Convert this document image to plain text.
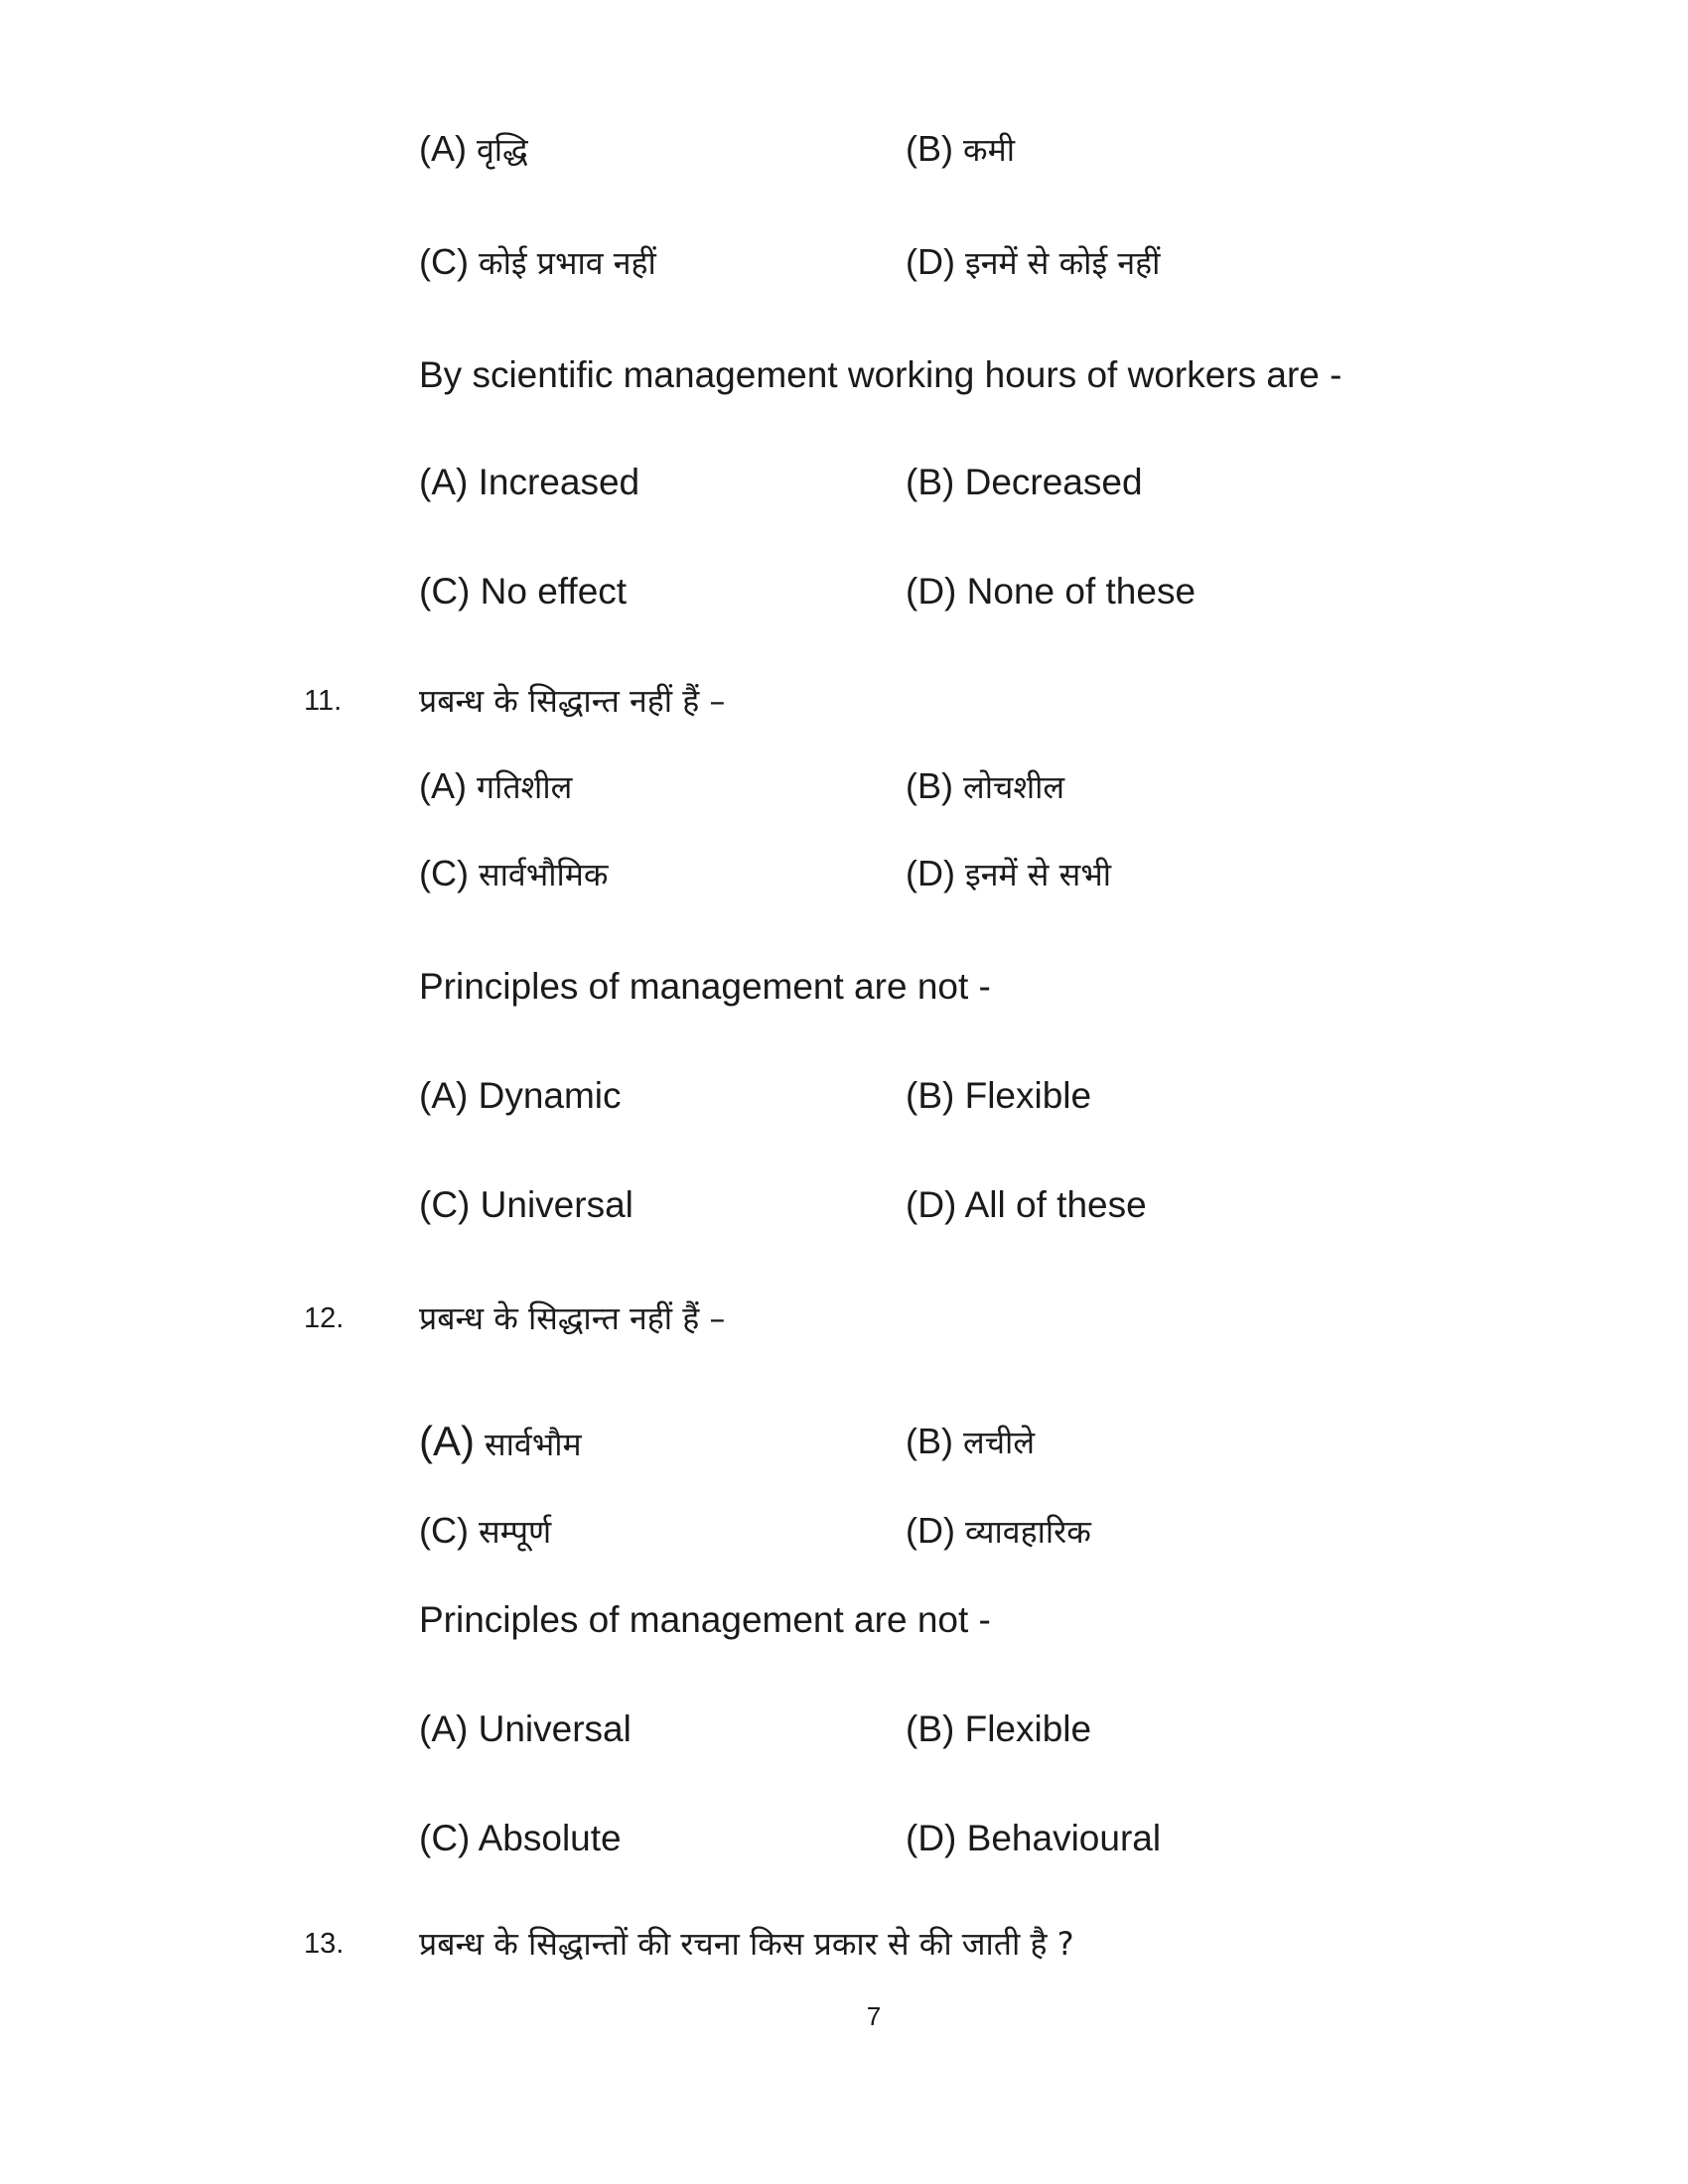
(A) वृद्धि	(B) कमी
(C) कोई प्रभाव नहीं	(D) इनमें से कोई नहीं
By scientific management working hours of workers are -
(A) Increased	(B) Decreased
(C) No effect	(D) None of these
11. प्रबन्ध के सिद्धान्त नहीं हैं –
(A) गतिशील	(B) लोचशील
(C) सार्वभौमिक	(D) इनमें से सभी
Principles of management are not -
(A) Dynamic	(B) Flexible
(C) Universal	(D) All of these
12. प्रबन्ध के सिद्धान्त नहीं हैं –
(A) सार्वभौम	(B) लचीले
(C) सम्पूर्ण	(D) व्यावहारिक
Principles of management are not -
(A) Universal	(B) Flexible
(C) Absolute	(D) Behavioural
13. प्रबन्ध के सिद्धान्तों की रचना किस प्रकार से की जाती है ?
7
